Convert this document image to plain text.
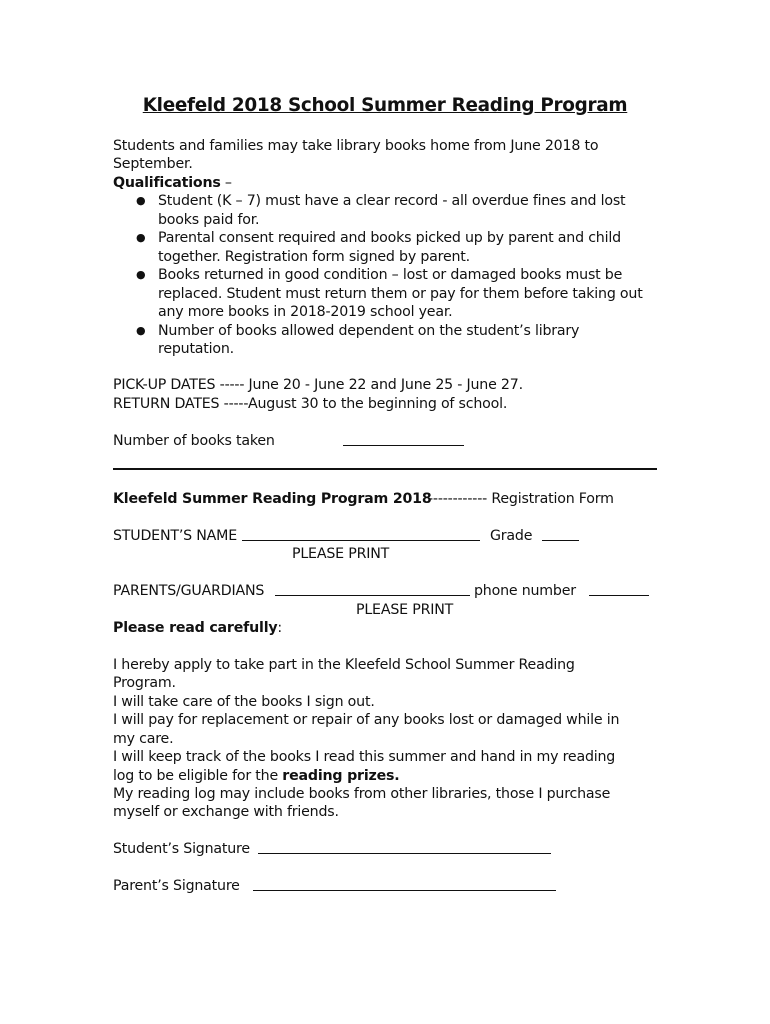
Kleefeld 2018 School Summer Reading Program
Students and families may take library books home from June 2018 to
September.
Qualifications –
● Student (K – 7) must have a clear record - all overdue fines and lost books paid for.
● Parental consent required and books picked up by parent and child together. Registration form signed by parent.
● Books returned in good condition – lost or damaged books must be replaced. Student must return them or pay for them before taking out any more books in 2018-2019 school year.
● Number of books allowed dependent on the student’s library reputation.
PICK-UP DATES ----- June 20 - June 22 and June 25 - June 27.
RETURN DATES -----August 30 to the beginning of school.
Number of books taken
Kleefeld Summer Reading Program 2018
------------ Registration Form
STUDENT’S NAME	Grade
PLEASE PRINT
PARENTS/GUARDIANS	phone number
PLEASE PRINT
Please read carefully:
I hereby apply to take part in the Kleefeld School Summer Reading
Program.
I will take care of the books I sign out.
I will pay for replacement or repair of any books lost or damaged while in
my care.
I will keep track of the books I read this summer and hand in my reading
log to be eligible for the reading prizes.
My reading log may include books from other libraries, those I purchase
myself or exchange with friends.
Student’s Signature
Parent’s Signature
